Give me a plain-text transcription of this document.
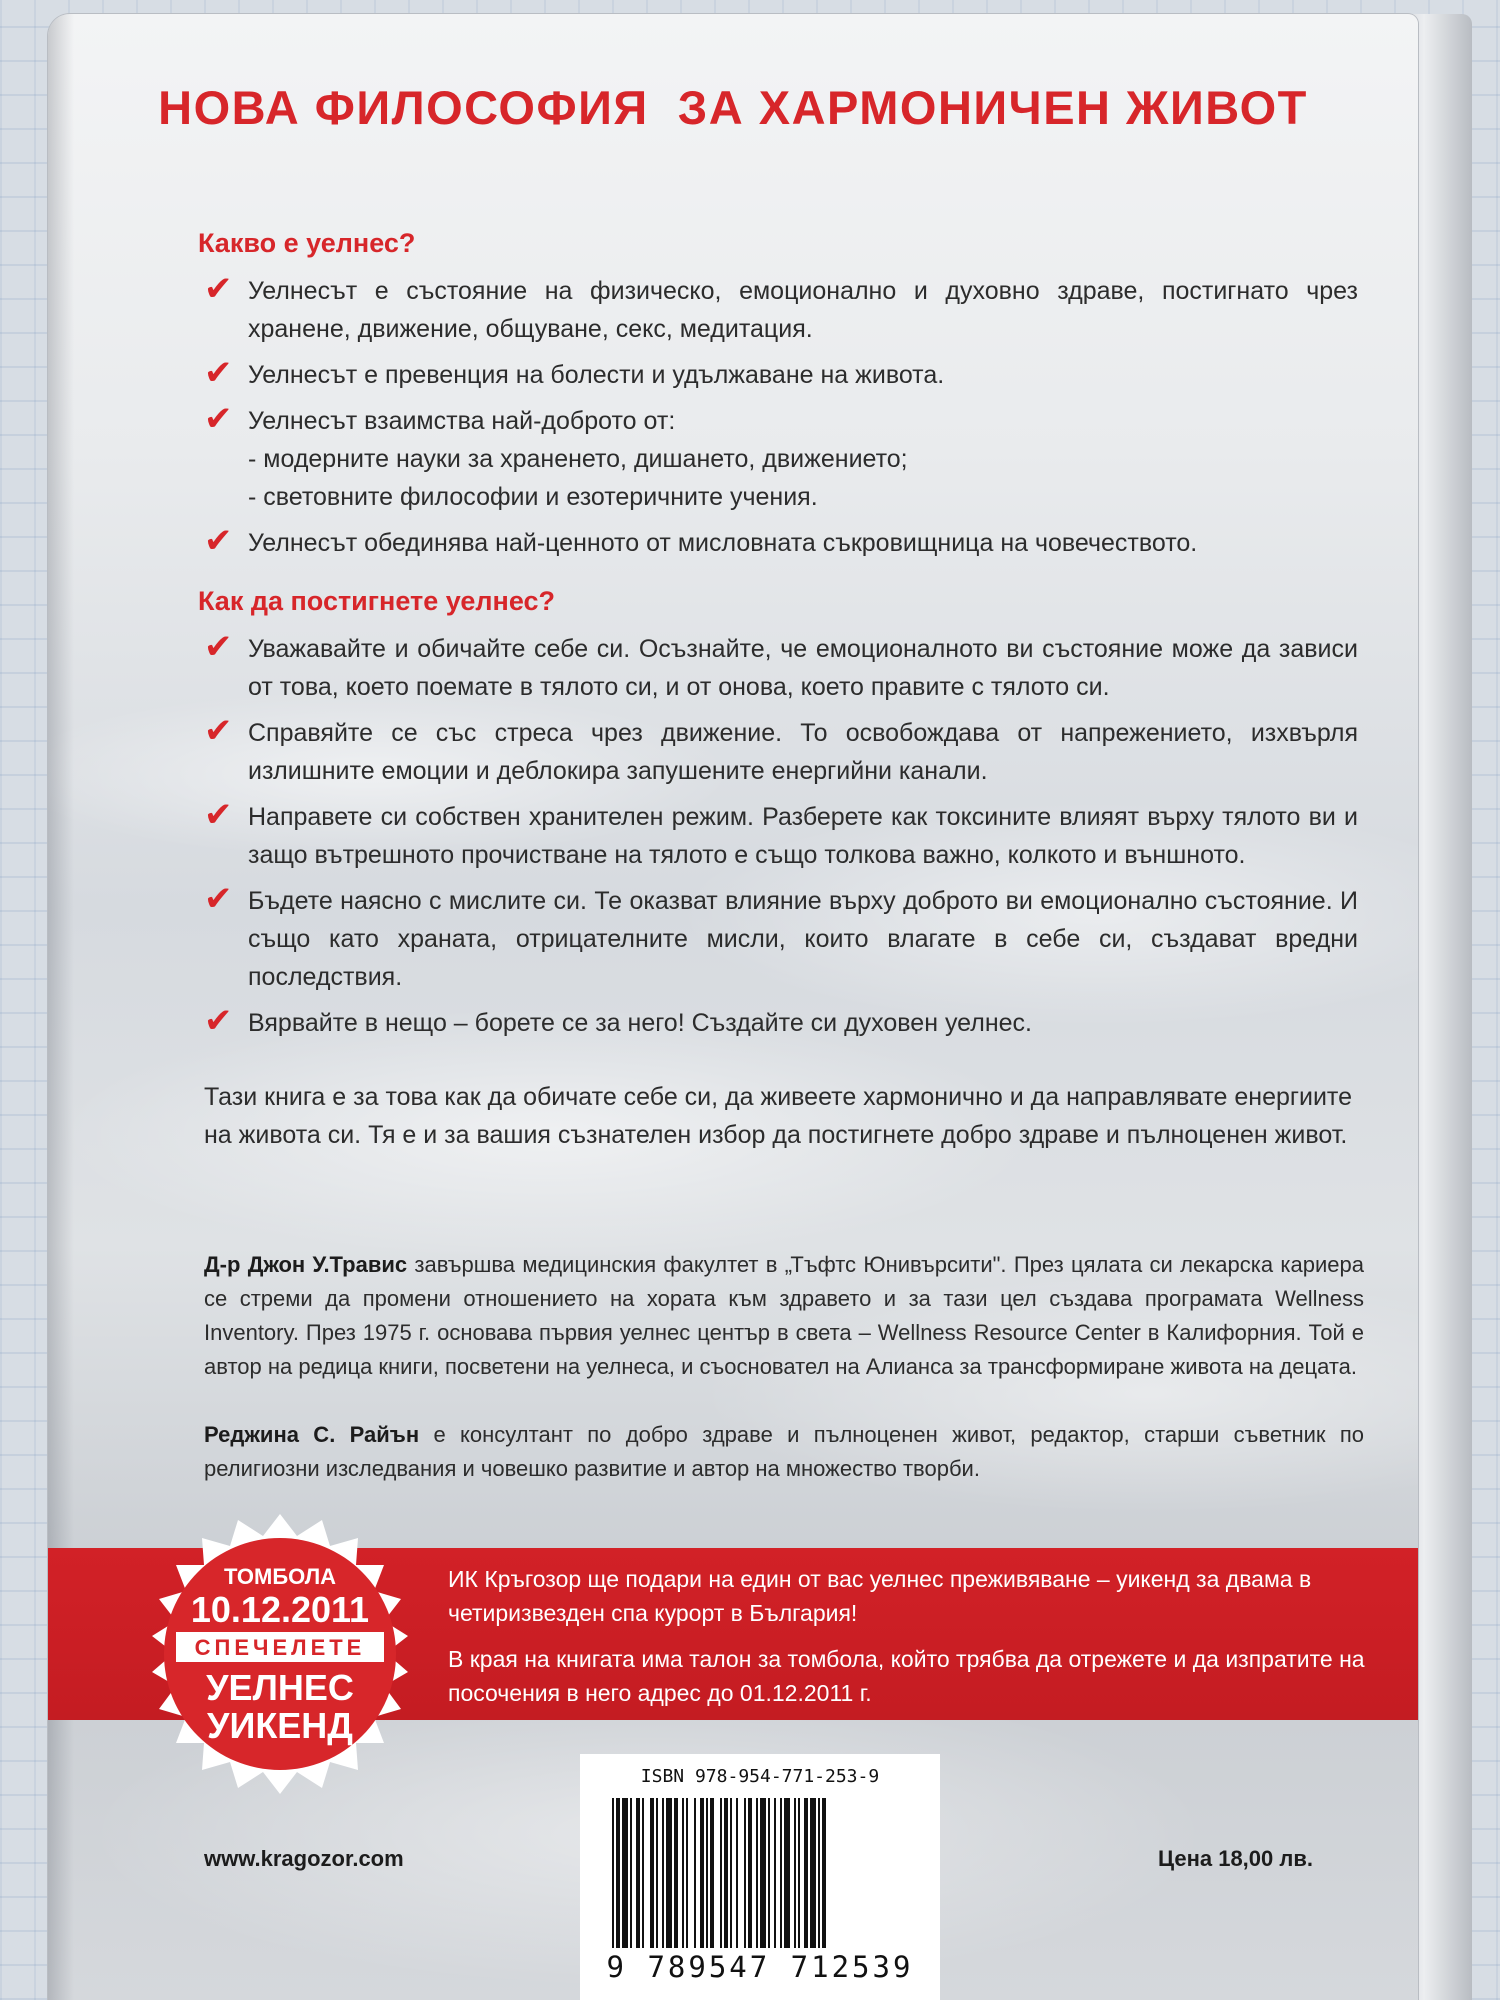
НОВА ФИЛОСОФИЯ  ЗА ХАРМОНИЧЕН ЖИВОТ
Какво е уелнес?
✔ Уелнесът е състояние на физическо, емоционално и духовно здраве, постигнато чрез хранене, движение, общуване, секс, медитация.
✔ Уелнесът е превенция на болести и удължаване на живота.
✔ Уелнесът взаимства най-доброто от:
- модерните науки за храненето, дишането, движението;
- световните философии и езотеричните учения.
✔ Уелнесът обединява най-ценното от мисловната съкровищница на човечеството.
Как да постигнете уелнес?
✔ Уважавайте и обичайте себе си. Осъзнайте, че емоционалното ви състояние може да зависи от това, което поемате в тялото си, и от онова, което правите с тялото си.
✔ Справяйте се със стреса чрез движение. То освобождава от напрежението, изхвърля излишните емоции и деблокира запушените енергийни канали.
✔ Направете си собствен хранителен режим. Разберете как токсините влияят върху тялото ви и защо вътрешното прочистване на тялото е също толкова важно, колкото и външното.
✔ Бъдете наясно с мислите си. Те оказват влияние върху доброто ви емоционално състояние. И също като храната, отрицателните мисли, които влагате в себе си, създават вредни последствия.
✔ Вярвайте в нещо – борете се за него! Създайте си духовен уелнес.
Тази книга е за това как да обичате себе си, да живеете хармонично и да направлявате енергиите на живота си. Тя е и за вашия съзнателен избор да постигнете добро здраве и пълноценен живот.
Д-р Джон У.Травис завършва медицинския факултет в „Тъфтс Юнивърсити". През цялата си лекарска кариера се стреми да промени отношението на хората към здравето и за тази цел създава програмата Wellness Inventory. През 1975 г. основава първия уелнес център в света – Wellness Resource Center в Калифорния. Той е автор на редица книги, посветени на уелнеса, и съосновател на Алианса за трансформиране живота на децата.
Реджина С. Райън е консултант по добро здраве и пълноценен живот, редактор, старши съветник по религиозни изследвания и човешко развитие и автор на множество творби.
ИК Кръгозор ще подари на един от вас уелнес преживяване – уикенд за двама в четиризвезден спа курорт в България!
В края на книгата има талон за томбола, който трябва да отрежете и да изпратите на посочения в него адрес до 01.12.2011 г.
ТОМБОЛА
10.12.2011
СПЕЧЕЛЕТЕ
УЕЛНЕС
УИКЕНД
ISBN 978-954-771-253-9
9 789547 712539
www.kragozor.com	Цена 18,00 лв.
